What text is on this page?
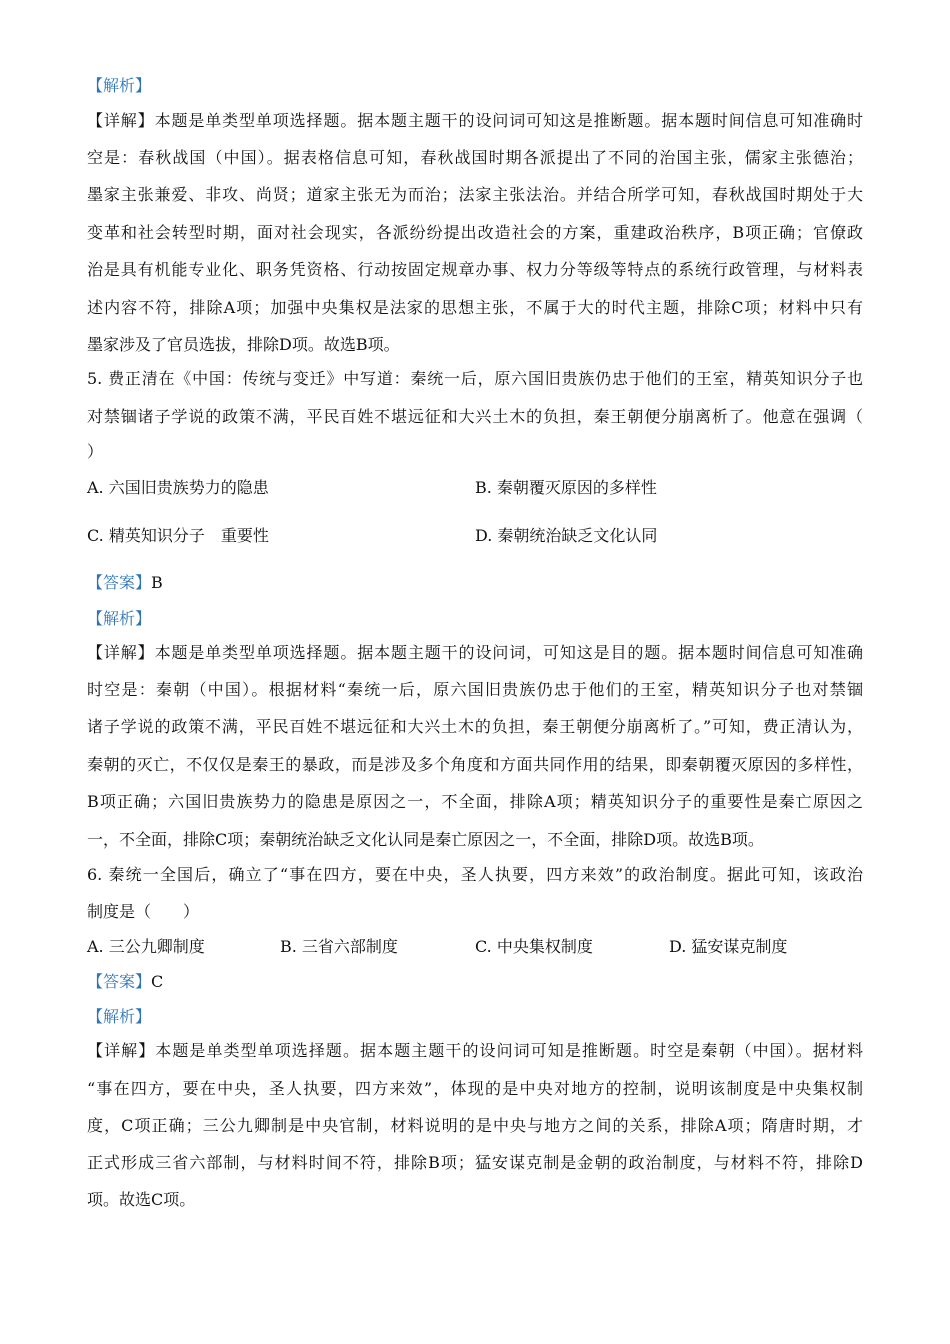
【解析】
【详解】本题是单类型单项选择题。据本题主题干的设问词可知这是推断题。据本题时间信息可知准确时
空是：春秋战国（中国）。据表格信息可知，春秋战国时期各派提出了不同的治国主张，儒家主张德治；
墨家主张兼爱、非攻、尚贤；道家主张无为而治；法家主张法治。并结合所学可知，春秋战国时期处于大
变革和社会转型时期，面对社会现实，各派纷纷提出改造社会的方案，重建政治秩序，B项正确；官僚政
治是具有机能专业化、职务凭资格、行动按固定规章办事、权力分等级等特点的系统行政管理，与材料表
述内容不符，排除A项；加强中央集权是法家的思想主张，不属于大的时代主题，排除C项；材料中只有
墨家涉及了官员选拔，排除D项。故选B项。
5. 费正清在《中国：传统与变迁》中写道：秦统一后，原六国旧贵族仍忠于他们的王室，精英知识分子也
对禁锢诸子学说的政策不满，平民百姓不堪远征和大兴土木的负担，秦王朝便分崩离析了。他意在强调（
）
A. 六国旧贵族势力的隐患	B. 秦朝覆灭原因的多样性
C. 精英知识分子　重要性	D. 秦朝统治缺乏文化认同
【答案】B
【解析】
【详解】本题是单类型单项选择题。据本题主题干的设问词，可知这是目的题。据本题时间信息可知准确
时空是：秦朝（中国）。根据材料“秦统一后，原六国旧贵族仍忠于他们的王室，精英知识分子也对禁锢
诸子学说的政策不满，平民百姓不堪远征和大兴土木的负担，秦王朝便分崩离析了。”可知，费正清认为，
秦朝的灭亡，不仅仅是秦王的暴政，而是涉及多个角度和方面共同作用的结果，即秦朝覆灭原因的多样性，
B项正确；六国旧贵族势力的隐患是原因之一，不全面，排除A项；精英知识分子的重要性是秦亡原因之
一，不全面，排除C项；秦朝统治缺乏文化认同是秦亡原因之一，不全面，排除D项。故选B项。
6. 秦统一全国后，确立了“事在四方，要在中央，圣人执要，四方来效”的政治制度。据此可知，该政治
制度是（　　）
A. 三公九卿制度	B. 三省六部制度	C. 中央集权制度	D. 猛安谋克制度
【答案】C
【解析】
【详解】本题是单类型单项选择题。据本题主题干的设问词可知是推断题。时空是秦朝（中国）。据材料
“事在四方，要在中央，圣人执要，四方来效”，体现的是中央对地方的控制，说明该制度是中央集权制
度，C项正确；三公九卿制是中央官制，材料说明的是中央与地方之间的关系，排除A项；隋唐时期，才
正式形成三省六部制，与材料时间不符，排除B项；猛安谋克制是金朝的政治制度，与材料不符，排除D
项。故选C项。
